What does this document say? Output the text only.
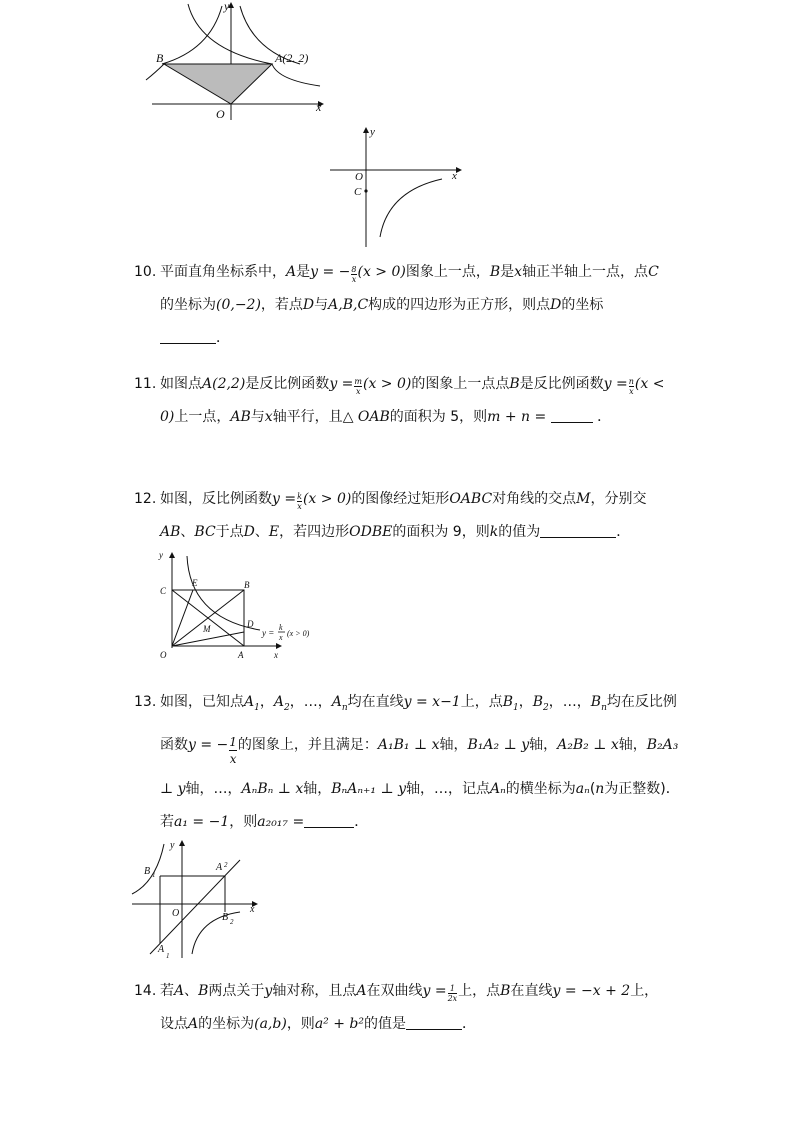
y
x
B	A(2. 2)
O
y
x
O
C
10. 平面直角坐标系中，A是y = − $\frac{8}{x} (x > 0)$图象上一点，B是x轴正半轴上一点，点C
的坐标为(0,−2)，若点D与A,B,C构成的四边形为正方形，则点D的坐标
．
11. 如图点A(2,2)是反比例函数$y = \frac{m}{x} (x > 0)$的图象上一点点B是反比例函数$y = \frac{n}{x} (x$ <
0)上一点，AB与x轴平行，且△ OAB的面积为 5，则m + n =	．
12. 如图，反比例函数$y = \frac{k}{x} (x > 0)$的图像经过矩形OABC对角线的交点M，分别交
AB、BC于点D、E，若四边形ODBE的面积为 9，则k的值为	．
y
x
C
E	B
D
M
O	A
y =
k
x (x > 0)
13. 如图，已知点$A_1$，$A_2$，…，$A_n$均在直线y = x−1上，点$B_1$，$B_2$，…，$B_n$均在反比例
函数y = − $\frac{1}{x}$ 的图象上，并且满足：A₁B₁ ⊥ x轴，B₁A₂ ⊥ y轴，A₂B₂ ⊥ x轴，B₂A₃
⊥ y轴，…，AₙBₙ ⊥ x轴，BₙAₙ₊₁ ⊥ y轴，…，记点Aₙ的横坐标为aₙ(n为正整数)．
若a₁ = −1，则a₂₀₁₇ =	．
y
x
B 1
A 2
O	B 2
A
1
14. 若A、B两点关于y轴对称，且点A在双曲线$y = \frac{1}{2x}$ 上，点B在直线y = −x + 2上，
设点A的坐标为(a,b)，则a² + b²的值是	．
